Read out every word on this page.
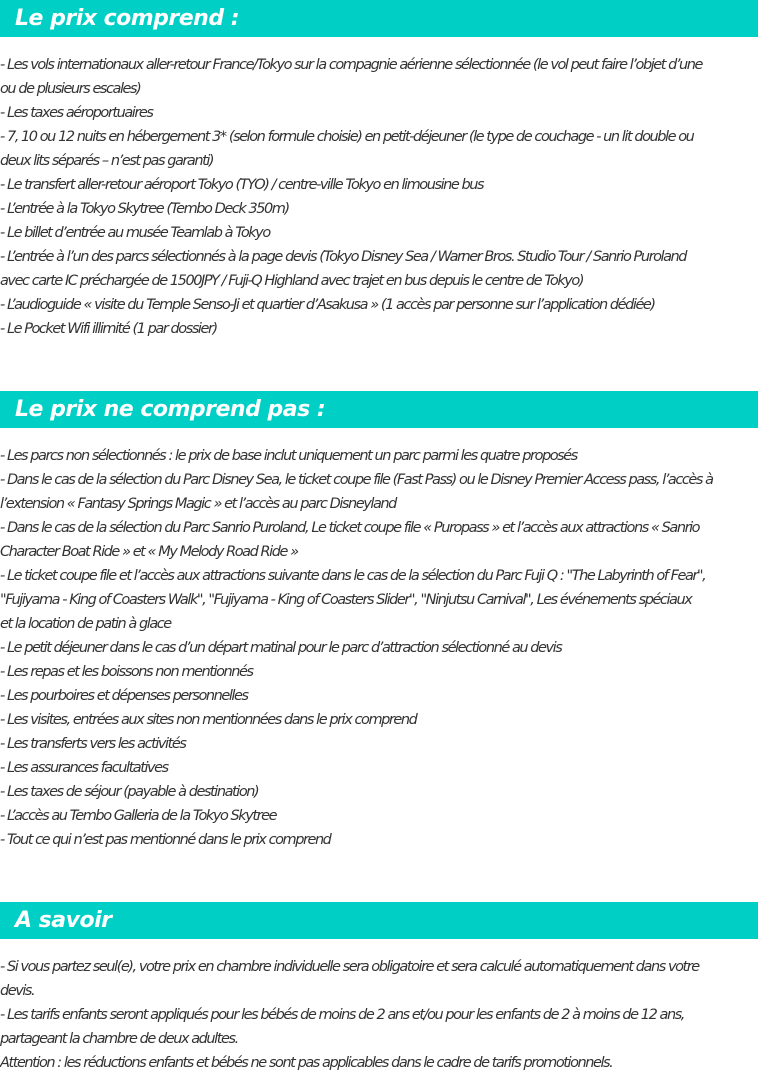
Le prix comprend :
- Les vols internationaux aller-retour France/Tokyo sur la compagnie aérienne sélectionnée (le vol peut faire l’objet d’une
ou de plusieurs escales)
- Les taxes aéroportuaires
- 7, 10 ou 12 nuits en hébergement 3* (selon formule choisie) en petit-déjeuner (le type de couchage - un lit double ou
deux lits séparés – n’est pas garanti)
- Le transfert aller-retour aéroport Tokyo (TYO) / centre-ville Tokyo en limousine bus
- L’entrée à la Tokyo Skytree (Tembo Deck 350m)
- Le billet d’entrée au musée Teamlab à Tokyo
- L’entrée à l’un des parcs sélectionnés à la page devis (Tokyo Disney Sea / Warner Bros. Studio Tour / Sanrio Puroland
avec carte IC préchargée de 1500JPY / Fuji-Q Highland avec trajet en bus depuis le centre de Tokyo)
- L’audioguide « visite du Temple Senso-Ji et quartier d’Asakusa » (1 accès par personne sur l’application dédiée)
- Le Pocket Wifi illimité (1 par dossier)
Le prix ne comprend pas :
- Les parcs non sélectionnés : le prix de base inclut uniquement un parc parmi les quatre proposés
- Dans le cas de la sélection du Parc Disney Sea, le ticket coupe file (Fast Pass) ou le Disney Premier Access pass, l’accès à
l’extension « Fantasy Springs Magic » et l’accès au parc Disneyland
- Dans le cas de la sélection du Parc Sanrio Puroland, Le ticket coupe file « Puropass » et l’accès aux attractions « Sanrio
Character Boat Ride » et « My Melody Road Ride »
- Le ticket coupe file et l’accès aux attractions suivante dans le cas de la sélection du Parc Fuji Q : "The Labyrinth of Fear",
"Fujiyama - King of Coasters Walk", "Fujiyama - King of Coasters Slider", "Ninjutsu Carnival", Les événements spéciaux
et la location de patin à glace
- Le petit déjeuner dans le cas d’un départ matinal pour le parc d’attraction sélectionné au devis
- Les repas et les boissons non mentionnés
- Les pourboires et dépenses personnelles
- Les visites, entrées aux sites non mentionnées dans le prix comprend
- Les transferts vers les activités
- Les assurances facultatives
- Les taxes de séjour (payable à destination)
- L’accès au Tembo Galleria de la Tokyo Skytree
- Tout ce qui n’est pas mentionné dans le prix comprend
A savoir
- Si vous partez seul(e), votre prix en chambre individuelle sera obligatoire et sera calculé automatiquement dans votre
devis.
- Les tarifs enfants seront appliqués pour les bébés de moins de 2 ans et/ou pour les enfants de 2 à moins de 12 ans,
partageant la chambre de deux adultes.
Attention : les réductions enfants et bébés ne sont pas applicables dans le cadre de tarifs promotionnels.
